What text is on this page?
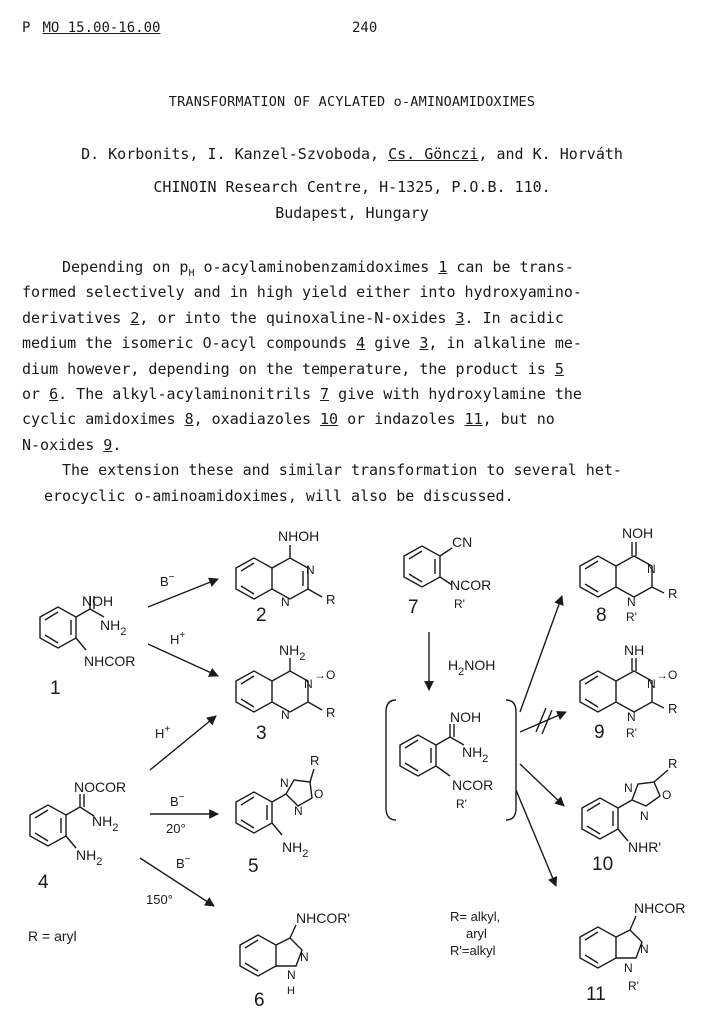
P MO 15.00-16.00	240
TRANSFORMATION OF ACYLATED o-AMINOAMIDOXIMES
D. Korbonits, I. Kanzel-Szvoboda, Cs. Gönczi, and K. Horváth
CHINOIN Research Centre, H-1325, P.O.B. 110.
Budapest, Hungary
Depending on $p_H$ o-acylaminobenzamidoximes 1 can be trans-
formed selectively and in high yield either into hydroxyamino-
derivatives 2, or into the quinoxaline-N-oxides 3. In acidic
medium the isomeric O-acyl compounds 4 give 3, in alkaline me-
dium however, depending on the temperature, the product is 5
or 6. The alkyl-acylaminonitrils 7 give with hydroxylamine the
cyclic amidoximes 8, oxadiazoles 10 or indazoles 11, but no
N-oxides 9.
The extension these and similar transformation to several het-
erocyclic o-aminoamidoximes, will also be discussed.
NOH
$NH_2$
NHCOR
1
NHOH
R
N
N
2
$NH_2$
N
→O
N	R
3
NOCOR
$NH_2$
$NH_2$
4
R = aryl
R
N
O
N
$NH_2$
5
NHCOR'
N
N
H
6
CN
NCOR
R'
7
$H_2NOH$
NOH
$NH_2$
NCOR
R'
R= alkyl,
aryl
R'=alkyl
NOH
N
N
R'
R
8
NH
N
→O
N
R'
R
9
R
N O
N
NHR'
10
NHCOR
N
N
R'
11
B−
H+
H+
B−
20°
B−
150°
